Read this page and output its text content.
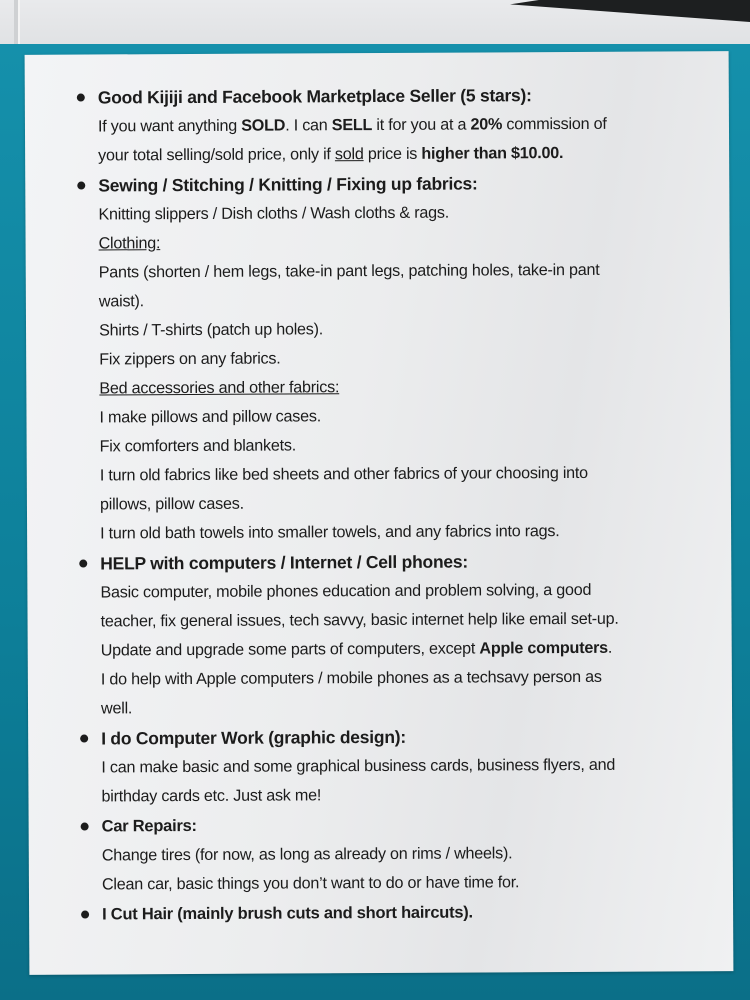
Good Kijiji and Facebook Marketplace Seller (5 stars):
If you want anything SOLD. I can SELL it for you at a 20% commission of
your total selling/sold price, only if sold price is higher than $10.00.
Sewing / Stitching / Knitting / Fixing up fabrics:
Knitting slippers / Dish cloths / Wash cloths & rags.
Clothing:
Pants (shorten / hem legs, take-in pant legs, patching holes, take-in pant
waist).
Shirts / T-shirts (patch up holes).
Fix zippers on any fabrics.
Bed accessories and other fabrics:
I make pillows and pillow cases.
Fix comforters and blankets.
I turn old fabrics like bed sheets and other fabrics of your choosing into
pillows, pillow cases.
I turn old bath towels into smaller towels, and any fabrics into rags.
HELP with computers / Internet / Cell phones:
Basic computer, mobile phones education and problem solving, a good
teacher, fix general issues, tech savvy, basic internet help like email set-up.
Update and upgrade some parts of computers, except Apple computers.
I do help with Apple computers / mobile phones as a techsavy person as
well.
I do Computer Work (graphic design):
I can make basic and some graphical business cards, business flyers, and
birthday cards etc. Just ask me!
Car Repairs:
Change tires (for now, as long as already on rims / wheels).
Clean car, basic things you don’t want to do or have time for.
I Cut Hair (mainly brush cuts and short haircuts).
